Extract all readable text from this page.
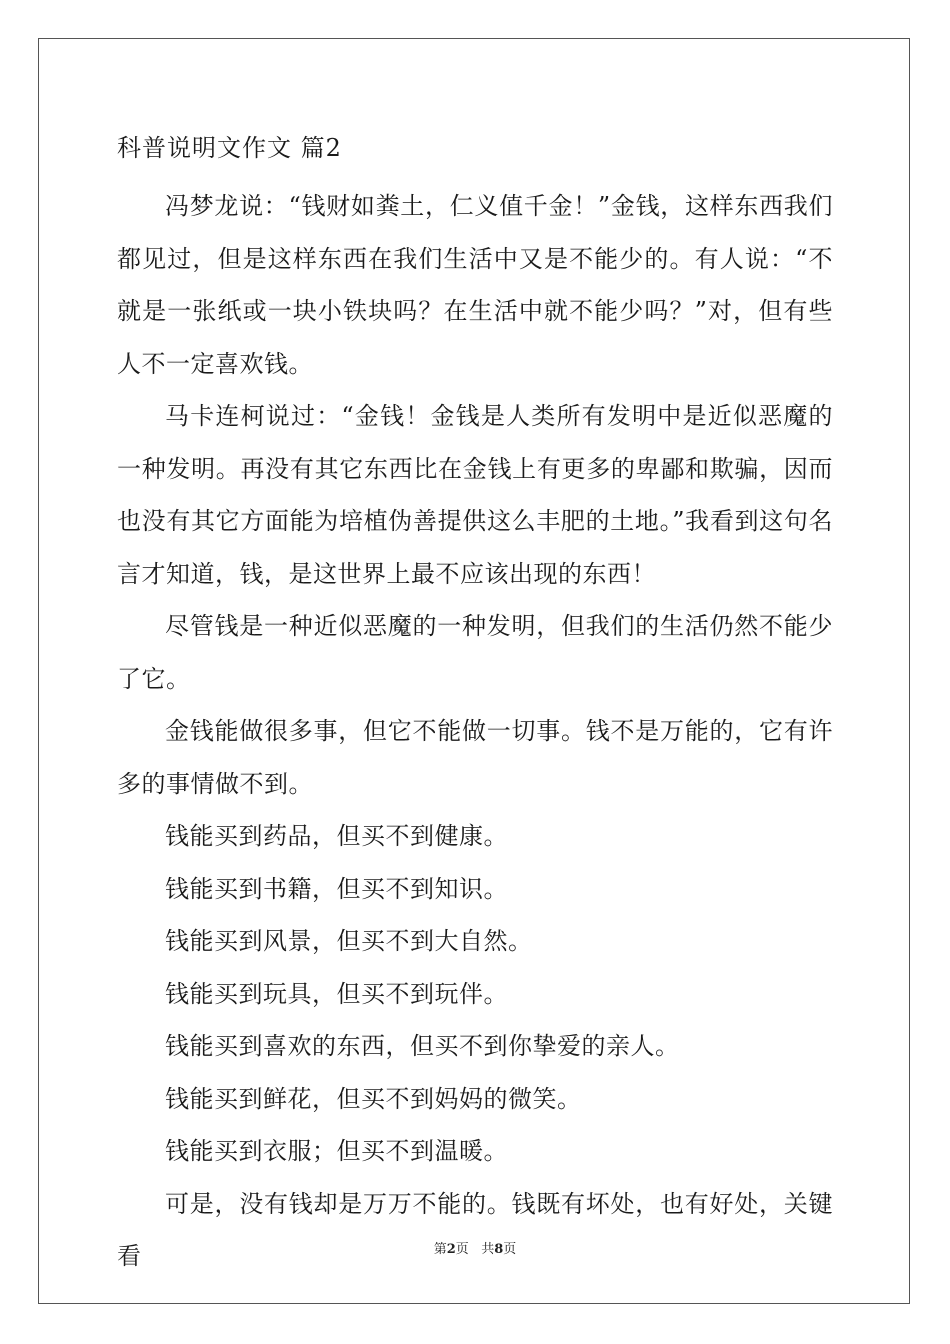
科普说明文作文 篇2

冯梦龙说：“钱财如粪土，仁义值千金！”金钱，这样东西我们都见过，但是这样东西在我们生活中又是不能少的。有人说：“不就是一张纸或一块小铁块吗？在生活中就不能少吗？”对，但有些人不一定喜欢钱。

马卡连柯说过：“金钱！金钱是人类所有发明中是近似恶魔的一种发明。再没有其它东西比在金钱上有更多的卑鄙和欺骗，因而也没有其它方面能为培植伪善提供这么丰肥的土地。”我看到这句名言才知道，钱，是这世界上最不应该出现的东西！

尽管钱是一种近似恶魔的一种发明，但我们的生活仍然不能少了它。

金钱能做很多事，但它不能做一切事。钱不是万能的，它有许多的事情做不到。

钱能买到药品，但买不到健康。

钱能买到书籍，但买不到知识。

钱能买到风景，但买不到大自然。

钱能买到玩具，但买不到玩伴。

钱能买到喜欢的东西，但买不到你挚爱的亲人。

钱能买到鲜花，但买不到妈妈的微笑。

钱能买到衣服；但买不到温暖。

可是，没有钱却是万万不能的。钱既有坏处，也有好处，关键看	第2页 共8页
